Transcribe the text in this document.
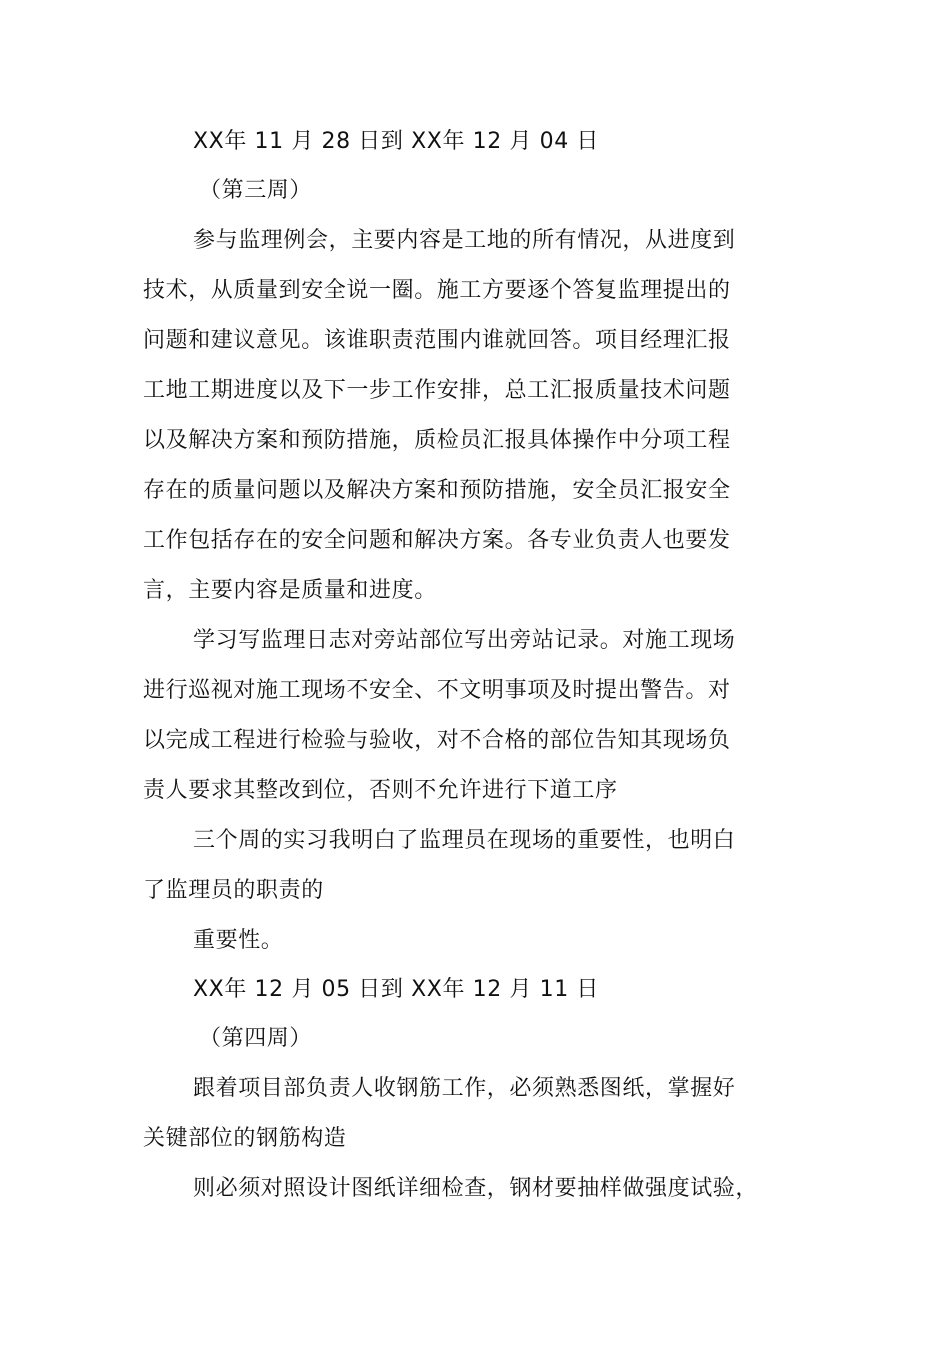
XX年 11 月 28 日到 XX年 12 月 04 日
（第三周）
参与监理例会，主要内容是工地的所有情况，从进度到
技术，从质量到安全说一圈。施工方要逐个答复监理提出的
问题和建议意见。该谁职责范围内谁就回答。项目经理汇报
工地工期进度以及下一步工作安排，总工汇报质量技术问题
以及解决方案和预防措施，质检员汇报具体操作中分项工程
存在的质量问题以及解决方案和预防措施，安全员汇报安全
工作包括存在的安全问题和解决方案。各专业负责人也要发
言，主要内容是质量和进度。
学习写监理日志对旁站部位写出旁站记录。对施工现场
进行巡视对施工现场不安全、不文明事项及时提出警告。对
以完成工程进行检验与验收，对不合格的部位告知其现场负
责人要求其整改到位，否则不允许进行下道工序
三个周的实习我明白了监理员在现场的重要性，也明白
了监理员的职责的
重要性。
XX年 12 月 05 日到 XX年 12 月 11 日
（第四周）
跟着项目部负责人收钢筋工作，必须熟悉图纸，掌握好
关键部位的钢筋构造
则必须对照设计图纸详细检查，钢材要抽样做强度试验，
